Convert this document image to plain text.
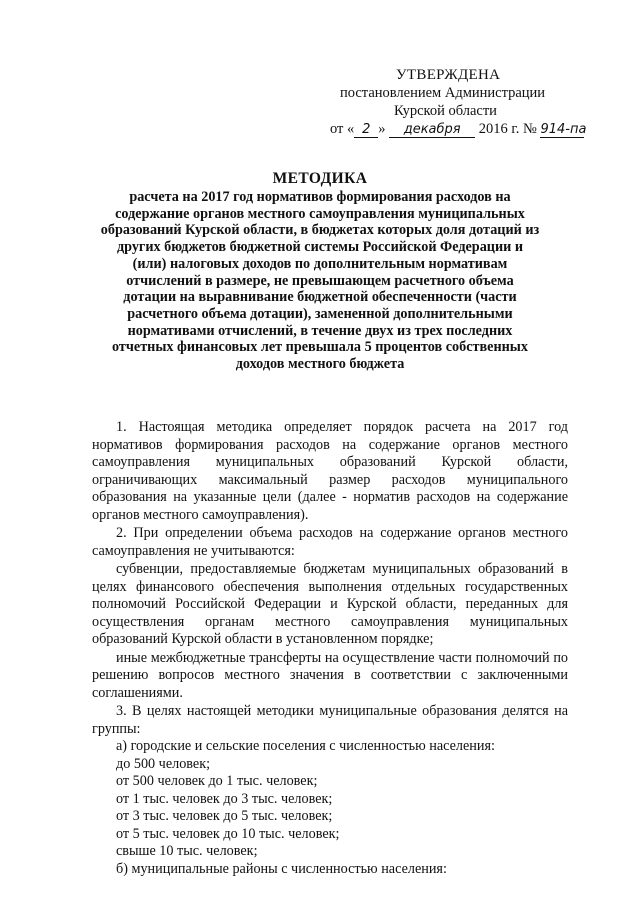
УТВЕРЖДЕНА
постановлением Администрации
Курской области
от « 2 » декабря 2016 г. № 914-па
МЕТОДИКА
расчета на 2017 год нормативов формирования расходов на
содержание органов местного самоуправления муниципальных
образований Курской области, в бюджетах которых доля дотаций из
других бюджетов бюджетной системы Российской Федерации и
(или) налоговых доходов по дополнительным нормативам
отчислений в размере, не превышающем расчетного объема
дотации на выравнивание бюджетной обеспеченности (части
расчетного объема дотации), замененной дополнительными
нормативами отчислений, в течение двух из трех последних
отчетных финансовых лет превышала 5 процентов собственных
доходов местного бюджета

1. Настоящая методика определяет порядок расчета на 2017 год нормативов формирования расходов на содержание органов местного самоуправления муниципальных образований Курской области, ограничивающих максимальный размер расходов муниципального образования на указанные цели (далее - норматив расходов на содержание органов местного самоуправления).

2. При определении объема расходов на содержание органов местного самоуправления не учитываются:

субвенции, предоставляемые бюджетам муниципальных образований в целях финансового обеспечения выполнения отдельных государственных полномочий Российской Федерации и Курской области, переданных для осуществления органам местного самоуправления муниципальных образований Курской области в установленном порядке;

иные межбюджетные трансферты на осуществление части полномочий по решению вопросов местного значения в соответствии с заключенными соглашениями.

3. В целях настоящей методики муниципальные образования делятся на группы:

а) городские и сельские поселения с численностью населения:

до 500 человек;

от 500 человек до 1 тыс. человек;

от 1 тыс. человек до 3 тыс. человек;

от 3 тыс. человек до 5 тыс. человек;

от 5 тыс. человек до 10 тыс. человек;

свыше 10 тыс. человек;

б) муниципальные районы с численностью населения:
